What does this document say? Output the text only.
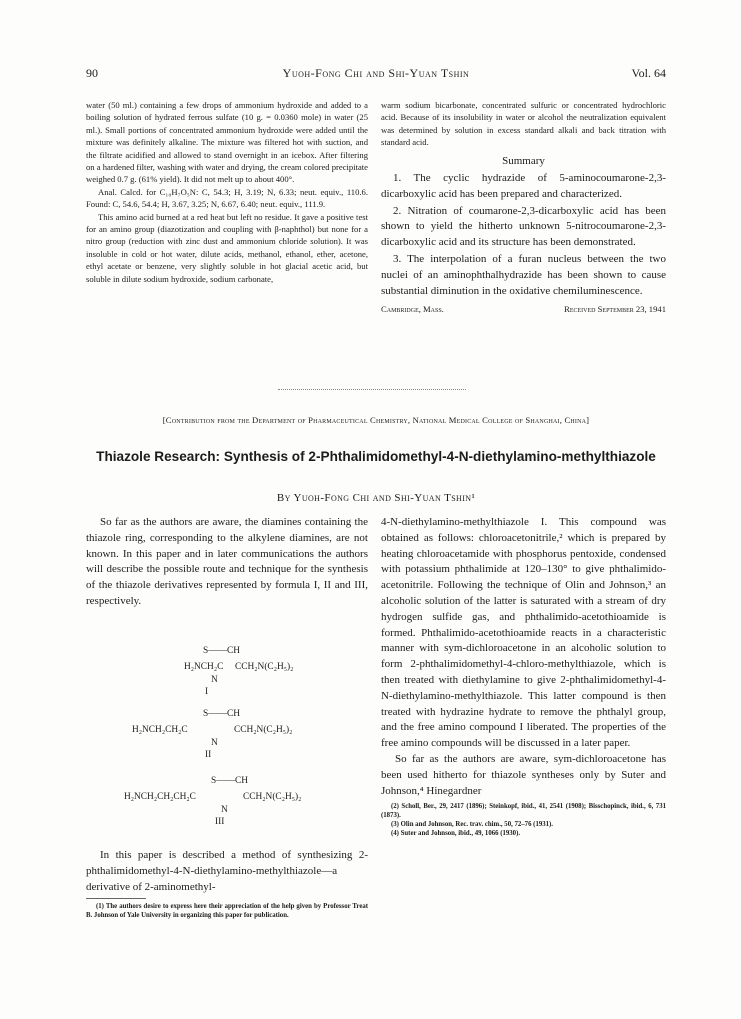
90	Yuoh-Fong Chi and Shi-Yuan Tshin	Vol. 64

water (50 ml.) containing a few drops of ammonium hydroxide and added to a boiling solution of hydrated ferrous sulfate (10 g. = 0.0360 mole) in water (25 ml.). Small portions of concentrated ammonium hydroxide were added until the mixture was definitely alkaline. The mixture was filtered hot with suction, and the filtrate acidified and allowed to stand overnight in an icebox. After filtering on a hardened filter, washing with water and drying, the cream colored precipitate weighed 0.7 g. (61% yield). It did not melt up to about 400°.

Anal. Calcd. for C₁₀H₇O₅N: C, 54.3; H, 3.19; N, 6.33; neut. equiv., 110.6. Found: C, 54.6, 54.4; H, 3.67, 3.25; N, 6.67, 6.40; neut. equiv., 111.9.

This amino acid burned at a red heat but left no residue. It gave a positive test for an amino group (diazotization and coupling with β-naphthol) but none for a nitro group (reduction with zinc dust and ammonium chloride solution). It was insoluble in cold or hot water, dilute acids, methanol, ethanol, ether, acetone, ethyl acetate or benzene, very slightly soluble in hot glacial acetic acid, but soluble in dilute sodium hydroxide, sodium carbonate,

warm sodium bicarbonate, concentrated sulfuric or concentrated hydrochloric acid. Because of its insolubility in water or alcohol the neutralization equivalent was determined by solution in excess standard alkali and back titration with standard acid.

Summary

1. The cyclic hydrazide of 5-aminocoumarone-2,3-dicarboxylic acid has been prepared and characterized.

2. Nitration of coumarone-2,3-dicarboxylic acid has been shown to yield the hitherto unknown 5-nitrocoumarone-2,3-dicarboxylic acid and its structure has been demonstrated.

3. The interpolation of a furan nucleus between the two nuclei of an aminophthalhydrazide has been shown to cause substantial diminution in the oxidative chemiluminescence.

Cambridge, Mass.	Received September 23, 1941
[Contribution from the Department of Pharmaceutical Chemistry, National Medical College of Shanghai, China]
Thiazole Research: Synthesis of 2-Phthalimidomethyl-4-N-diethylamino-methylthiazole
By Yuoh-Fong Chi and Shi-Yuan Tshin¹

So far as the authors are aware, the diamines containing the thiazole ring, corresponding to the alkylene diamines, are not known. In this paper and in later communications the authors will describe the possible route and technique for the synthesis of the thiazole derivatives represented by formula I, II and III, respectively.

S——CH
H₂NCH₂C CCH₂N(C₂H₅)₂
N
I
S——CH
H₂NCH₂CH₂C	CCH₂N(C₂H₅)₂
N
II
S——CH
H₂NCH₂CH₂CH₂C	CCH₂N(C₂H₅)₂
N
III

In this paper is described a method of synthesizing 2-phthalimidomethyl-4-N-diethylamino-methylthiazole—a derivative of 2-aminomethyl-

(1) The authors desire to express here their appreciation of the help given by Professor Treat B. Johnson of Yale University in organizing this paper for publication.

4-N-diethylamino-methylthiazole I. This compound was obtained as follows: chloroacetonitrile,² which is prepared by heating chloroacetamide with phosphorus pentoxide, condensed with potassium phthalimide at 120–130° to give phthalimido-acetonitrile. Following the technique of Olin and Johnson,³ an alcoholic solution of the latter is saturated with a stream of dry hydrogen sulfide gas, and phthalimido-acetothioamide is formed. Phthalimido-acetothioamide reacts in a characteristic manner with sym-dichloroacetone in an alcoholic solution to form 2-phthalimidomethyl-4-chloro-methylthiazole, which is then treated with diethylamine to give 2-phthalimidomethyl-4-N-diethylamino-methylthiazole. This latter compound is then treated with hydrazine hydrate to remove the phthalyl group, and the free amino compound I liberated. The properties of the free amino compounds will be discussed in a later paper.

So far as the authors are aware, sym-dichloroacetone has been used hitherto for thiazole syntheses only by Suter and Johnson,⁴ Hinegardner

(2) Scholl, Ber., 29, 2417 (1896); Steinkopf, ibid., 41, 2541 (1908); Bisschopinck, ibid., 6, 731 (1873).

(3) Olin and Johnson, Rec. trav. chim., 50, 72–76 (1931).

(4) Suter and Johnson, ibid., 49, 1066 (1930).
